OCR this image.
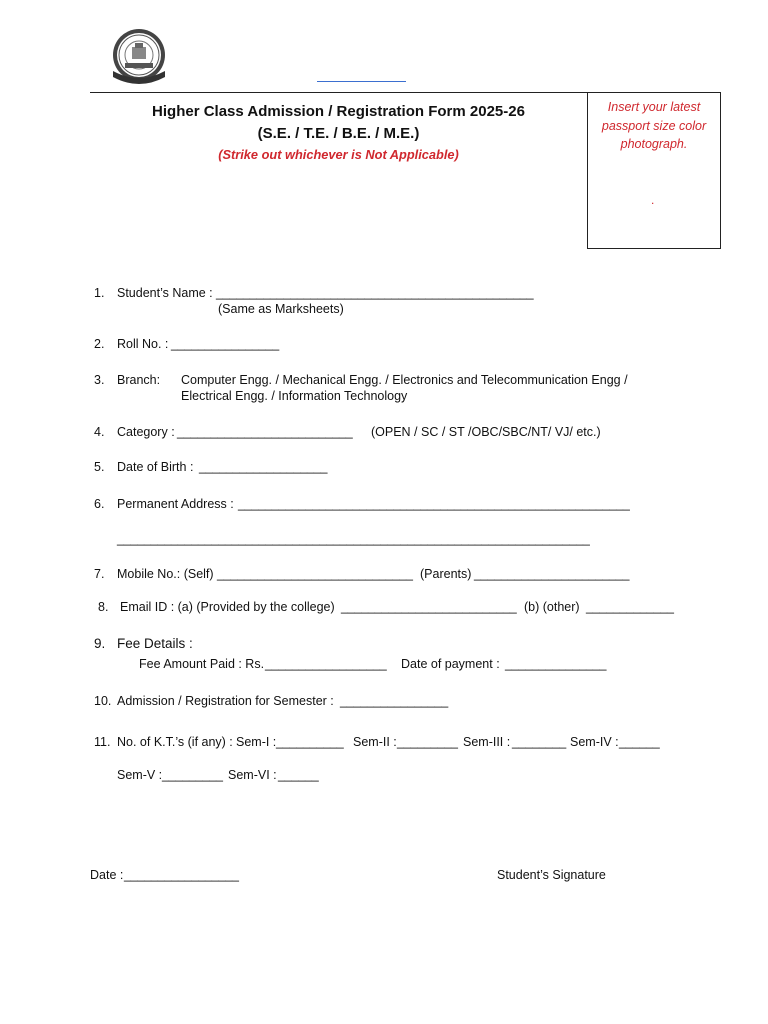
Higher Class Admission / Registration Form 2025-26
(S.E. / T.E. / B.E. / M.E.)
(Strike out whichever is Not Applicable)
Insert your latest passport size color photograph.
.
1. Student’s Name : _______________________________________________
(Same as Marksheets)
2. Roll No. : ________________
3. Branch: Computer Engg. / Mechanical Engg. / Electronics and Telecommunication Engg /
Electrical Engg. / Information Technology
4. Category : __________________________ (OPEN / SC / ST /OBC/SBC/NT/ VJ/ etc.)
5. Date of Birth : ___________________
6. Permanent Address : __________________________________________________________
______________________________________________________________________
7. Mobile No.: (Self) _____________________________ (Parents) _______________________
8. Email ID : (a) (Provided by the college) __________________________ (b) (other) _____________
9. Fee Details :
Fee Amount Paid : Rs. __________________ Date of payment : _______________
10. Admission / Registration for Semester : ________________
11. No. of K.T.’s (if any) : Sem-I : __________ Sem-II : _________ Sem-III : ________ Sem-IV : ______
Sem-V : _________ Sem-VI : ______
Date : _________________	Student’s Signature
